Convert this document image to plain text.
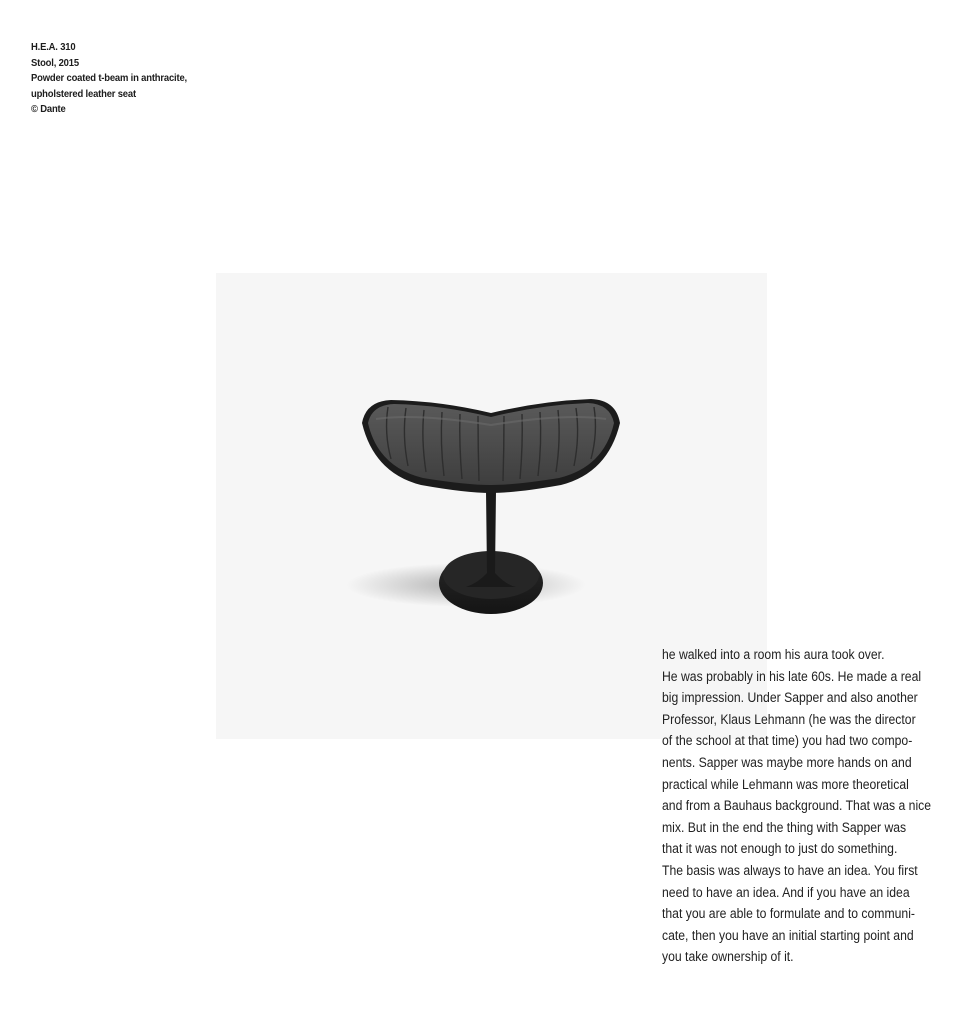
H.E.A. 310
Stool, 2015
Powder coated t-beam in anthracite,
upholstered leather seat
© Dante
he walked into a room his aura took over.
He was probably in his late 60s. He made a real
big impression. Under Sapper and also another
Professor, Klaus Lehmann (he was the director
of the school at that time) you had two compo-
nents. Sapper was maybe more hands on and
practical while Lehmann was more theoretical
and from a Bauhaus background. That was a nice
mix. But in the end the thing with Sapper was
that it was not enough to just do something.
The basis was always to have an idea. You first
need to have an idea. And if you have an idea
that you are able to formulate and to communi-
cate, then you have an initial starting point and
you take ownership of it.
